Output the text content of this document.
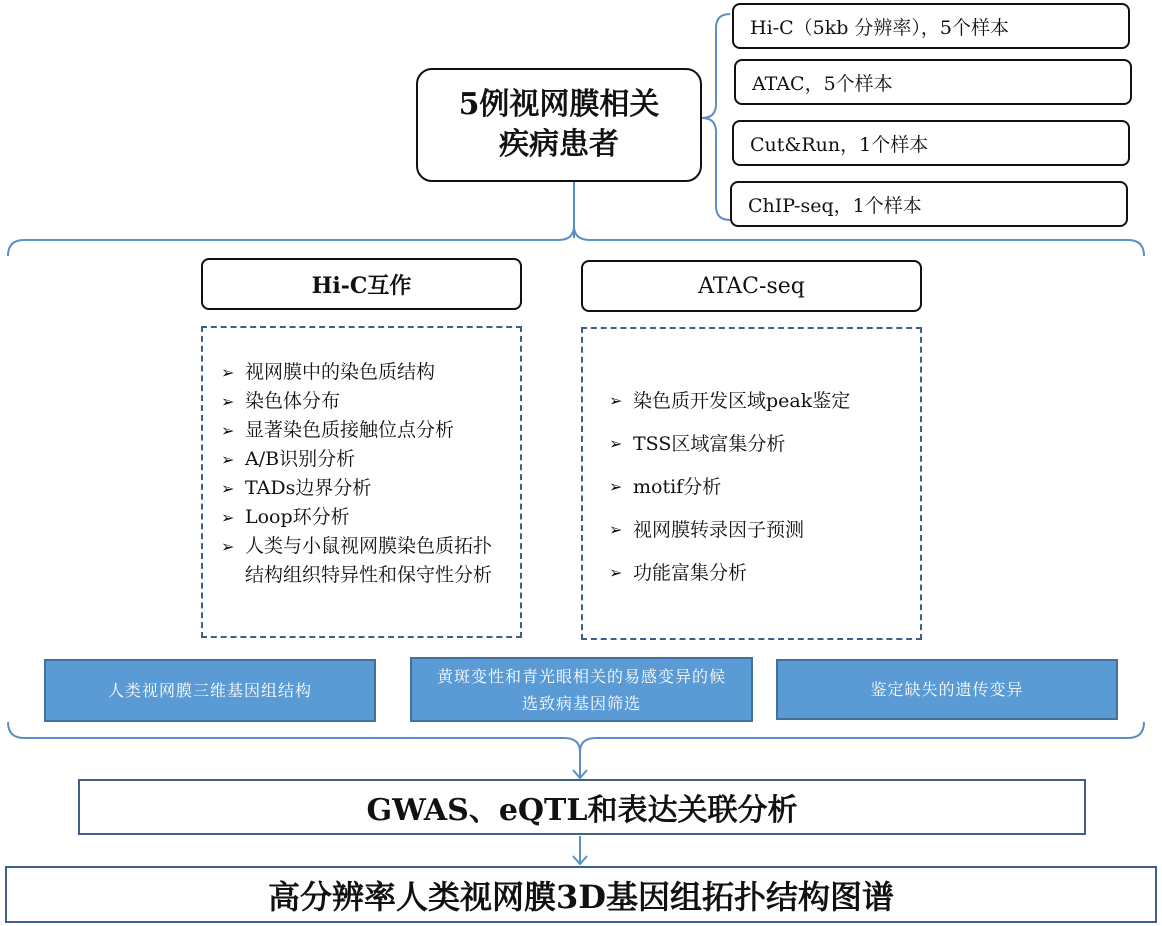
5例视网膜相关
疾病患者
Hi-C（5kb 分辨率），5个样本
ATAC，5个样本
Cut&Run，1个样本
ChIP-seq，1个样本
Hi-C互作	ATAC-seq
➢ 视网膜中的染色质结构
➢ 染色体分布
➢ 显著染色质接触位点分析
➢ A/B识别分析
➢ TADs边界分析
➢ Loop环分析
➢ 人类与小鼠视网膜染色质拓扑结构组织特异性和保守性分析
➢ 染色质开发区域peak鉴定
➢ TSS区域富集分析
➢ motif分析
➢ 视网膜转录因子预测
➢ 功能富集分析
人类视网膜三维基因组结构
黄斑变性和青光眼相关的易感变异的候选致病基因筛选
鉴定缺失的遗传变异
GWAS、eQTL和表达关联分析
高分辨率人类视网膜3D基因组拓扑结构图谱
